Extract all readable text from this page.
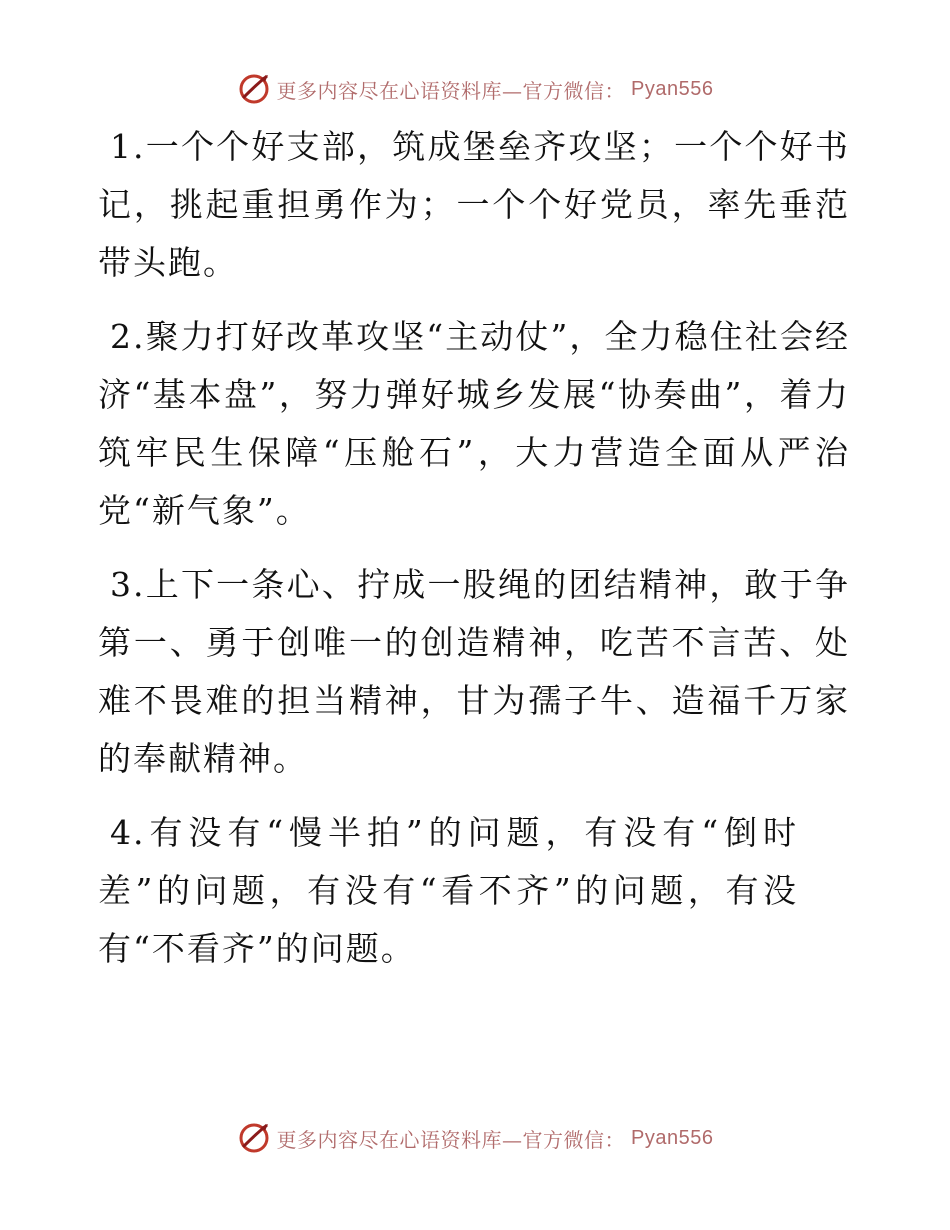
更多内容尽在心语资料库—官方微信： Pyan556

1.一个个好支部，筑成堡垒齐攻坚；一个个好书记，挑起重担勇作为；一个个好党员，率先垂范带头跑。

2.聚力打好改革攻坚“主动仗”，全力稳住社会经济“基本盘”，努力弹好城乡发展“协奏曲”，着力筑牢民生保障“压舱石”，大力营造全面从严治党“新气象”。

3.上下一条心、拧成一股绳的团结精神，敢于争第一、勇于创唯一的创造精神，吃苦不言苦、处难不畏难的担当精神，甘为孺子牛、造福千万家的奉献精神。

4.有没有“慢半拍”的问题，有没有“倒时差”的问题，有没有“看不齐”的问题，有没有“不看齐”的问题。

更多内容尽在心语资料库—官方微信： Pyan556
